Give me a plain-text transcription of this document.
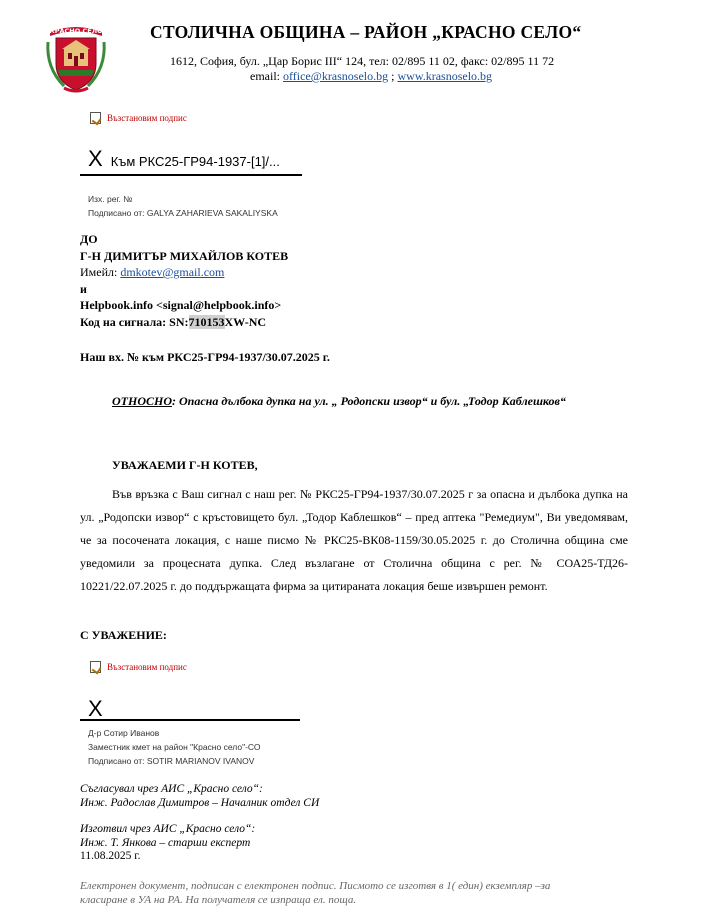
КРАСНО СЕЛО	СТОЛИЧНА ОБЩИНА – РАЙОН „КРАСНО СЕЛО“
1612, София, бул. „Цар Борис III“ 124, тел: 02/895 11 02, факс: 02/895 11 72
email: office@krasnoselo.bg ; www.krasnoselo.bg
Възстановим подпис
X Към РКС25-ГР94-1937-[1]/...
Изх. рег. №
Подписано от: GALYA ZAHARIEVA SAKALIYSKA
ДО
Г-Н ДИМИТЪР МИХАЙЛОВ КОТЕВ
Имейл: dmkotev@gmail.com
и
Helpbook.info <signal@helpbook.info>
Код на сигнала: SN:710153XW-NC
Наш вх. № към РКС25-ГР94-1937/30.07.2025 г.
ОТНОСНО: Опасна дълбока дупка на ул. „ Родопски извор“ и бул. „Тодор Каблешков“
УВАЖАЕМИ Г-Н КОТЕВ,
Във връзка с Ваш сигнал с наш рег. № РКС25-ГР94-1937/30.07.2025 г за опасна и дълбока дупка на ул. „Родопски извор“ с кръстовището бул. „Тодор Каблешков“ – пред аптека "Ремедиум", Ви уведомявам, че за посочената локация, с наше писмо № РКС25-ВК08-1159/30.05.2025 г. до Столична община сме уведомили за процесната дупка. След възлагане от Столична община с рег. № СОА25-ТД26-10221/22.07.2025 г. до поддържащата фирма за цитираната локация беше извършен ремонт.
С УВАЖЕНИЕ:
Възстановим подпис
X
Д-р Сотир Иванов
Заместник кмет на район "Красно село"-СО
Подписано от: SOTIR MARIANOV IVANOV
Съгласувал чрез АИС „Красно село“:
Инж. Радослав Димитров – Началник отдел СИ
Изготвил чрез АИС „Красно село“:
Инж. Т. Янкова – старши експерт
11.08.2025 г.
Електронен документ, подписан с електронен подпис. Писмото се изготвя в 1( един) екземпляр –за класиране в УА на РА. На получателя се изпраща ел. поща.
